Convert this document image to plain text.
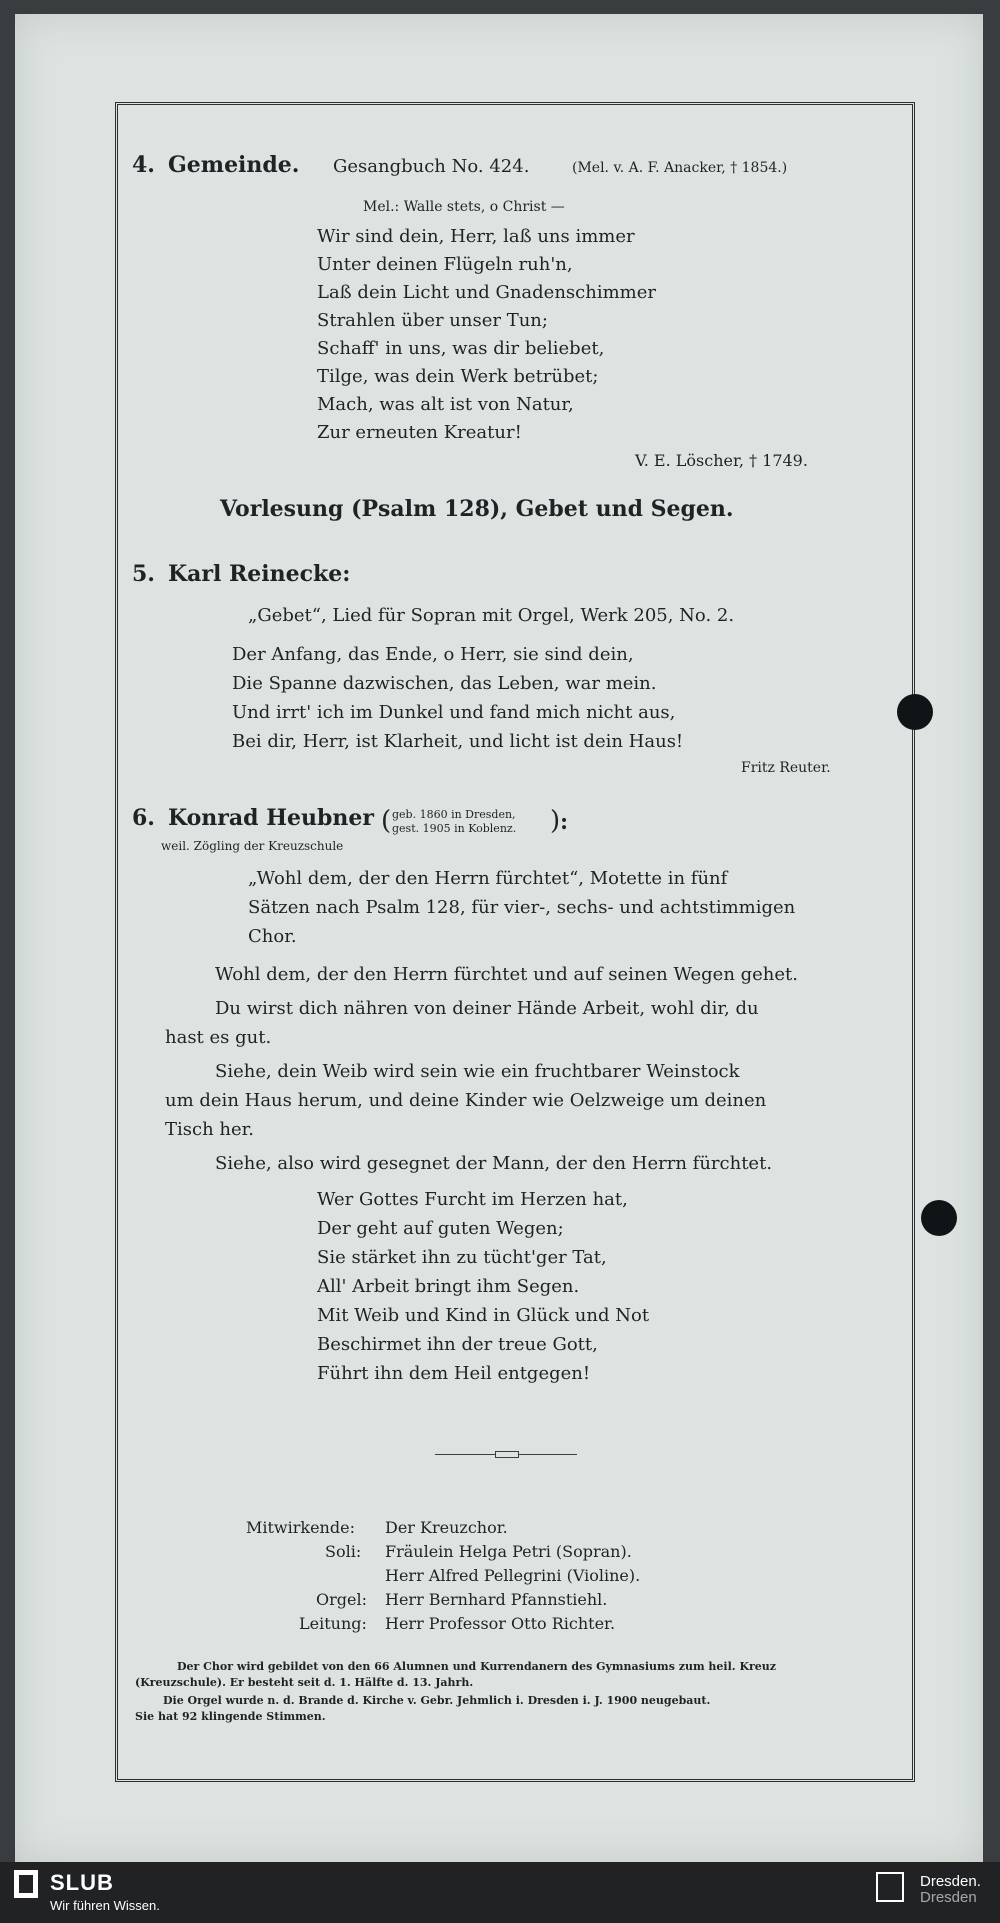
4. Gemeinde. Gesangbuch No. 424.	(Mel. v. A. F. Anacker, † 1854.)
Mel.: Walle stets, o Christ —
Wir sind dein, Herr, laß uns immer
Unter deinen Flügeln ruh'n,
Laß dein Licht und Gnadenschimmer
Strahlen über unser Tun;
Schaff' in uns, was dir beliebet,
Tilge, was dein Werk betrübet;
Mach, was alt ist von Natur,
Zur erneuten Kreatur!
V. E. Löscher, † 1749.
Vorlesung (Psalm 128), Gebet und Segen.
5. Karl Reinecke:
„Gebet“, Lied für Sopran mit Orgel, Werk 205, No. 2.
Der Anfang, das Ende, o Herr, sie sind dein,
Die Spanne dazwischen, das Leben, war mein.
Und irrt' ich im Dunkel und fand mich nicht aus,
Bei dir, Herr, ist Klarheit, und licht ist dein Haus!
Fritz Reuter.
6. Konrad Heubner ( geb. 1860 in Dresden,
gest. 1905 in Koblenz. ) :
weil. Zögling der Kreuzschule
„Wohl dem, der den Herrn fürchtet“, Motette in fünf
Sätzen nach Psalm 128, für vier-, sechs- und achtstimmigen
Chor.
Wohl dem, der den Herrn fürchtet und auf seinen Wegen gehet.
Du wirst dich nähren von deiner Hände Arbeit, wohl dir, du
hast es gut.
Siehe, dein Weib wird sein wie ein fruchtbarer Weinstock
um dein Haus herum, und deine Kinder wie Oelzweige um deinen
Tisch her.
Siehe, also wird gesegnet der Mann, der den Herrn fürchtet.
Wer Gottes Furcht im Herzen hat,
Der geht auf guten Wegen;
Sie stärket ihn zu tücht'ger Tat,
All' Arbeit bringt ihm Segen.
Mit Weib und Kind in Glück und Not
Beschirmet ihn der treue Gott,
Führt ihn dem Heil entgegen!
Mitwirkende: Der Kreuzchor.
Soli: Fräulein Helga Petri (Sopran).
Herr Alfred Pellegrini (Violine).
Orgel: Herr Bernhard Pfannstiehl.
Leitung: Herr Professor Otto Richter.
Der Chor wird gebildet von den 66 Alumnen und Kurrendanern des Gymnasiums zum heil. Kreuz
(Kreuzschule). Er besteht seit d. 1. Hälfte d. 13. Jahrh.
Die Orgel wurde n. d. Brande d. Kirche v. Gebr. Jehmlich i. Dresden i. J. 1900 neugebaut.
Sie hat 92 klingende Stimmen.
SLUB
Wir führen Wissen.
Dresden.
Dresden
